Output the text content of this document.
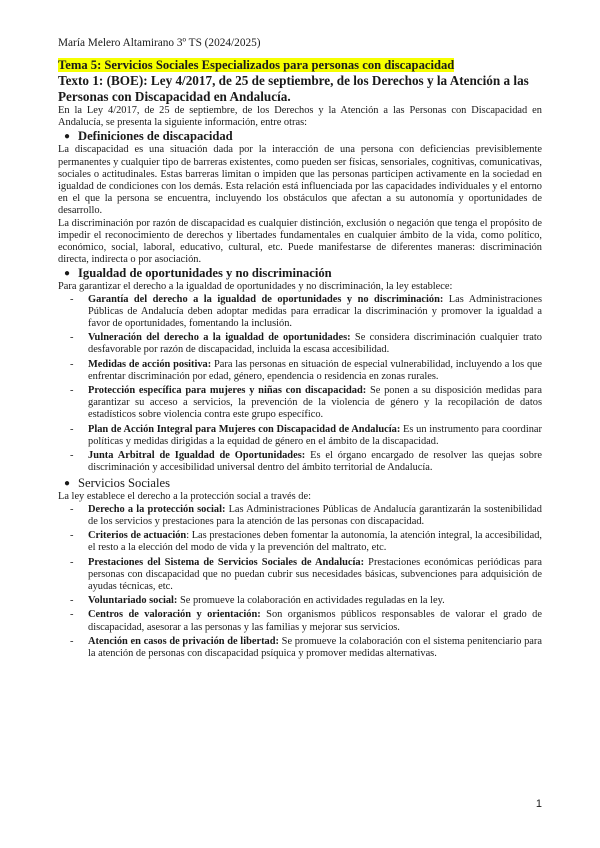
María Melero Altamirano 3º TS (2024/2025)
Tema 5: Servicios Sociales Especializados para personas con discapacidad
Texto 1: (BOE): Ley 4/2017, de 25 de septiembre, de los Derechos y la Atención a las Personas con Discapacidad en Andalucía.

En la Ley 4/2017, de 25 de septiembre, de los Derechos y la Atención a las Personas con Discapacidad en Andalucía, se presenta la siguiente información, entre otras:

● Definiciones de discapacidad

La discapacidad es una situación dada por la interacción de una persona con deficiencias previsiblemente permanentes y cualquier tipo de barreras existentes, como pueden ser físicas, sensoriales, cognitivas, comunicativas, sociales o actitudinales. Estas barreras limitan o impiden que las personas participen activamente en la sociedad en igualdad de condiciones con los demás. Esta relación está influenciada por las capacidades individuales y el entorno en el que la persona se encuentra, incluyendo los obstáculos que afectan a su autonomía y oportunidades de desarrollo.

La discriminación por razón de discapacidad es cualquier distinción, exclusión o negación que tenga el propósito de impedir el reconocimiento de derechos y libertades fundamentales en cualquier ámbito de la vida, como político, económico, social, laboral, educativo, cultural, etc. Puede manifestarse de diferentes maneras: discriminación directa, indirecta o por asociación.

● Igualdad de oportunidades y no discriminación

Para garantizar el derecho a la igualdad de oportunidades y no discriminación, la ley establece:

- Garantía del derecho a la igualdad de oportunidades y no discriminación: Las Administraciones Públicas de Andalucía deben adoptar medidas para erradicar la discriminación y promover la igualdad a favor de oportunidades, fomentando la inclusión.
- Vulneración del derecho a la igualdad de oportunidades: Se considera discriminación cualquier trato desfavorable por razón de discapacidad, incluida la escasa accesibilidad.
- Medidas de acción positiva: Para las personas en situación de especial vulnerabilidad, incluyendo a los que enfrentar discriminación por edad, género, ependencia o residencia en zonas rurales.
- Protección específica para mujeres y niñas con discapacidad: Se ponen a su disposición medidas para garantizar su acceso a servicios, la prevención de la violencia de género y la recopilación de datos estadísticos sobre violencia contra este grupo específico.
- Plan de Acción Integral para Mujeres con Discapacidad de Andalucía: Es un instrumento para coordinar políticas y medidas dirigidas a la equidad de género en el ámbito de la discapacidad.
- Junta Arbitral de Igualdad de Oportunidades: Es el órgano encargado de resolver las quejas sobre discriminación y accesibilidad universal dentro del ámbito territorial de Andalucía.
● Servicios Sociales

La ley establece el derecho a la protección social a través de:

- Derecho a la protección social: Las Administraciones Públicas de Andalucía garantizarán la sostenibilidad de los servicios y prestaciones para la atención de las personas con discapacidad.
- Criterios de actuación: Las prestaciones deben fomentar la autonomía, la atención integral, la accesibilidad, el resto a la elección del modo de vida y la prevención del maltrato, etc.
- Prestaciones del Sistema de Servicios Sociales de Andalucía: Prestaciones económicas periódicas para personas con discapacidad que no puedan cubrir sus necesidades básicas, subvenciones para adquisición de ayudas técnicas, etc.
- Voluntariado social: Se promueve la colaboración en actividades reguladas en la ley.
- Centros de valoración y orientación: Son organismos públicos responsables de valorar el grado de discapacidad, asesorar a las personas y las familias y mejorar sus servicios.
- Atención en casos de privación de libertad: Se promueve la colaboración con el sistema penitenciario para la atención de personas con discapacidad psíquica y promover medidas alternativas.
1
